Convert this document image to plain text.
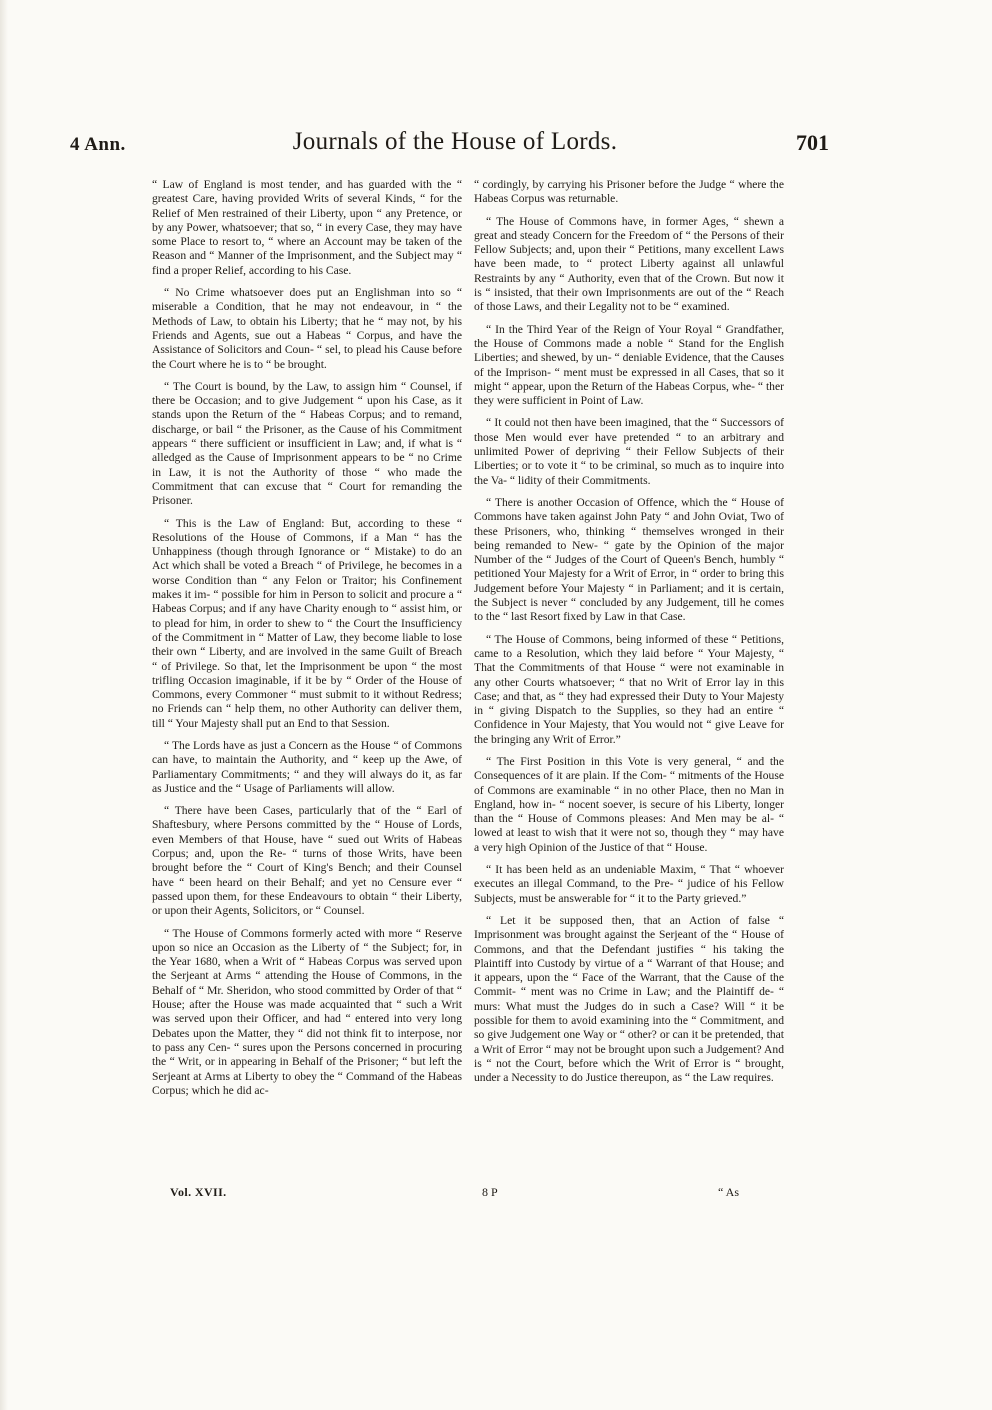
4 Ann.	Journals of the House of Lords.	701

“ Law of England is most tender, and has guarded with the “ greatest Care, having provided Writs of several Kinds, “ for the Relief of Men restrained of their Liberty, upon “ any Pretence, or by any Power, whatsoever; that so, “ in every Case, they may have some Place to resort to, “ where an Account may be taken of the Reason and “ Manner of the Imprisonment, and the Subject may “ find a proper Relief, according to his Case.

“ No Crime whatsoever does put an Englishman into so “ miserable a Condition, that he may not endeavour, in “ the Methods of Law, to obtain his Liberty; that he “ may not, by his Friends and Agents, sue out a Habeas “ Corpus, and have the Assistance of Solicitors and Coun- “ sel, to plead his Cause before the Court where he is to “ be brought.

“ The Court is bound, by the Law, to assign him “ Counsel, if there be Occasion; and to give Judgement “ upon his Case, as it stands upon the Return of the “ Habeas Corpus; and to remand, discharge, or bail “ the Prisoner, as the Cause of his Commitment appears “ there sufficient or insufficient in Law; and, if what is “ alledged as the Cause of Imprisonment appears to be “ no Crime in Law, it is not the Authority of those “ who made the Commitment that can excuse that “ Court for remanding the Prisoner.

“ This is the Law of England: But, according to these “ Resolutions of the House of Commons, if a Man “ has the Unhappiness (though through Ignorance or “ Mistake) to do an Act which shall be voted a Breach “ of Privilege, he becomes in a worse Condition than “ any Felon or Traitor; his Confinement makes it im- “ possible for him in Person to solicit and procure a “ Habeas Corpus; and if any have Charity enough to “ assist him, or to plead for him, in order to shew to “ the Court the Insufficiency of the Commitment in “ Matter of Law, they become liable to lose their own “ Liberty, and are involved in the same Guilt of Breach “ of Privilege. So that, let the Imprisonment be upon “ the most trifling Occasion imaginable, if it be by “ Order of the House of Commons, every Commoner “ must submit to it without Redress; no Friends can “ help them, no other Authority can deliver them, till “ Your Majesty shall put an End to that Session.

“ The Lords have as just a Concern as the House “ of Commons can have, to maintain the Authority, and “ keep up the Awe, of Parliamentary Commitments; “ and they will always do it, as far as Justice and the “ Usage of Parliaments will allow.

“ There have been Cases, particularly that of the “ Earl of Shaftesbury, where Persons committed by the “ House of Lords, even Members of that House, have “ sued out Writs of Habeas Corpus; and, upon the Re- “ turns of those Writs, have been brought before the “ Court of King's Bench; and their Counsel have “ been heard on their Behalf; and yet no Censure ever “ passed upon them, for these Endeavours to obtain “ their Liberty, or upon their Agents, Solicitors, or “ Counsel.

“ The House of Commons formerly acted with more “ Reserve upon so nice an Occasion as the Liberty of “ the Subject; for, in the Year 1680, when a Writ of “ Habeas Corpus was served upon the Serjeant at Arms “ attending the House of Commons, in the Behalf of “ Mr. Sheridon, who stood committed by Order of that “ House; after the House was made acquainted that “ such a Writ was served upon their Officer, and had “ entered into very long Debates upon the Matter, they “ did not think fit to interpose, nor to pass any Cen- “ sures upon the Persons concerned in procuring the “ Writ, or in appearing in Behalf of the Prisoner; “ but left the Serjeant at Arms at Liberty to obey the “ Command of the Habeas Corpus; which he did ac-

“ cordingly, by carrying his Prisoner before the Judge “ where the Habeas Corpus was returnable.

“ The House of Commons have, in former Ages, “ shewn a great and steady Concern for the Freedom of “ the Persons of their Fellow Subjects; and, upon their “ Petitions, many excellent Laws have been made, to “ protect Liberty against all unlawful Restraints by any “ Authority, even that of the Crown. But now it is “ insisted, that their own Imprisonments are out of the “ Reach of those Laws, and their Legality not to be “ examined.

“ In the Third Year of the Reign of Your Royal “ Grandfather, the House of Commons made a noble “ Stand for the English Liberties; and shewed, by un- “ deniable Evidence, that the Causes of the Imprison- “ ment must be expressed in all Cases, that so it might “ appear, upon the Return of the Habeas Corpus, whe- “ ther they were sufficient in Point of Law.

“ It could not then have been imagined, that the “ Successors of those Men would ever have pretended “ to an arbitrary and unlimited Power of depriving “ their Fellow Subjects of their Liberties; or to vote it “ to be criminal, so much as to inquire into the Va- “ lidity of their Commitments.

“ There is another Occasion of Offence, which the “ House of Commons have taken against John Paty “ and John Oviat, Two of these Prisoners, who, thinking “ themselves wronged in their being remanded to New- “ gate by the Opinion of the major Number of the “ Judges of the Court of Queen's Bench, humbly “ petitioned Your Majesty for a Writ of Error, in “ order to bring this Judgement before Your Majesty “ in Parliament; and it is certain, the Subject is never “ concluded by any Judgement, till he comes to the “ last Resort fixed by Law in that Case.

“ The House of Commons, being informed of these “ Petitions, came to a Resolution, which they laid before “ Your Majesty, “ That the Commitments of that House “ were not examinable in any other Courts whatsoever; “ that no Writ of Error lay in this Case; and that, as “ they had expressed their Duty to Your Majesty in “ giving Dispatch to the Supplies, so they had an entire “ Confidence in Your Majesty, that You would not “ give Leave for the bringing any Writ of Error.”

“ The First Position in this Vote is very general, “ and the Consequences of it are plain. If the Com- “ mitments of the House of Commons are examinable “ in no other Place, then no Man in England, how in- “ nocent soever, is secure of his Liberty, longer than the “ House of Commons pleases: And Men may be al- “ lowed at least to wish that it were not so, though they “ may have a very high Opinion of the Justice of that “ House.

“ It has been held as an undeniable Maxim, “ That “ whoever executes an illegal Command, to the Pre- “ judice of his Fellow Subjects, must be answerable for “ it to the Party grieved.”

“ Let it be supposed then, that an Action of false “ Imprisonment was brought against the Serjeant of the “ House of Commons, and that the Defendant justifies “ his taking the Plaintiff into Custody by virtue of a “ Warrant of that House; and it appears, upon the “ Face of the Warrant, that the Cause of the Commit- “ ment was no Crime in Law; and the Plaintiff de- “ murs: What must the Judges do in such a Case? Will “ it be possible for them to avoid examining into the “ Commitment, and so give Judgement one Way or “ other? or can it be pretended, that a Writ of Error “ may not be brought upon such a Judgement? And is “ not the Court, before which the Writ of Error is “ brought, under a Necessity to do Justice thereupon, as “ the Law requires.

Vol. XVII.	8 P	“ As
